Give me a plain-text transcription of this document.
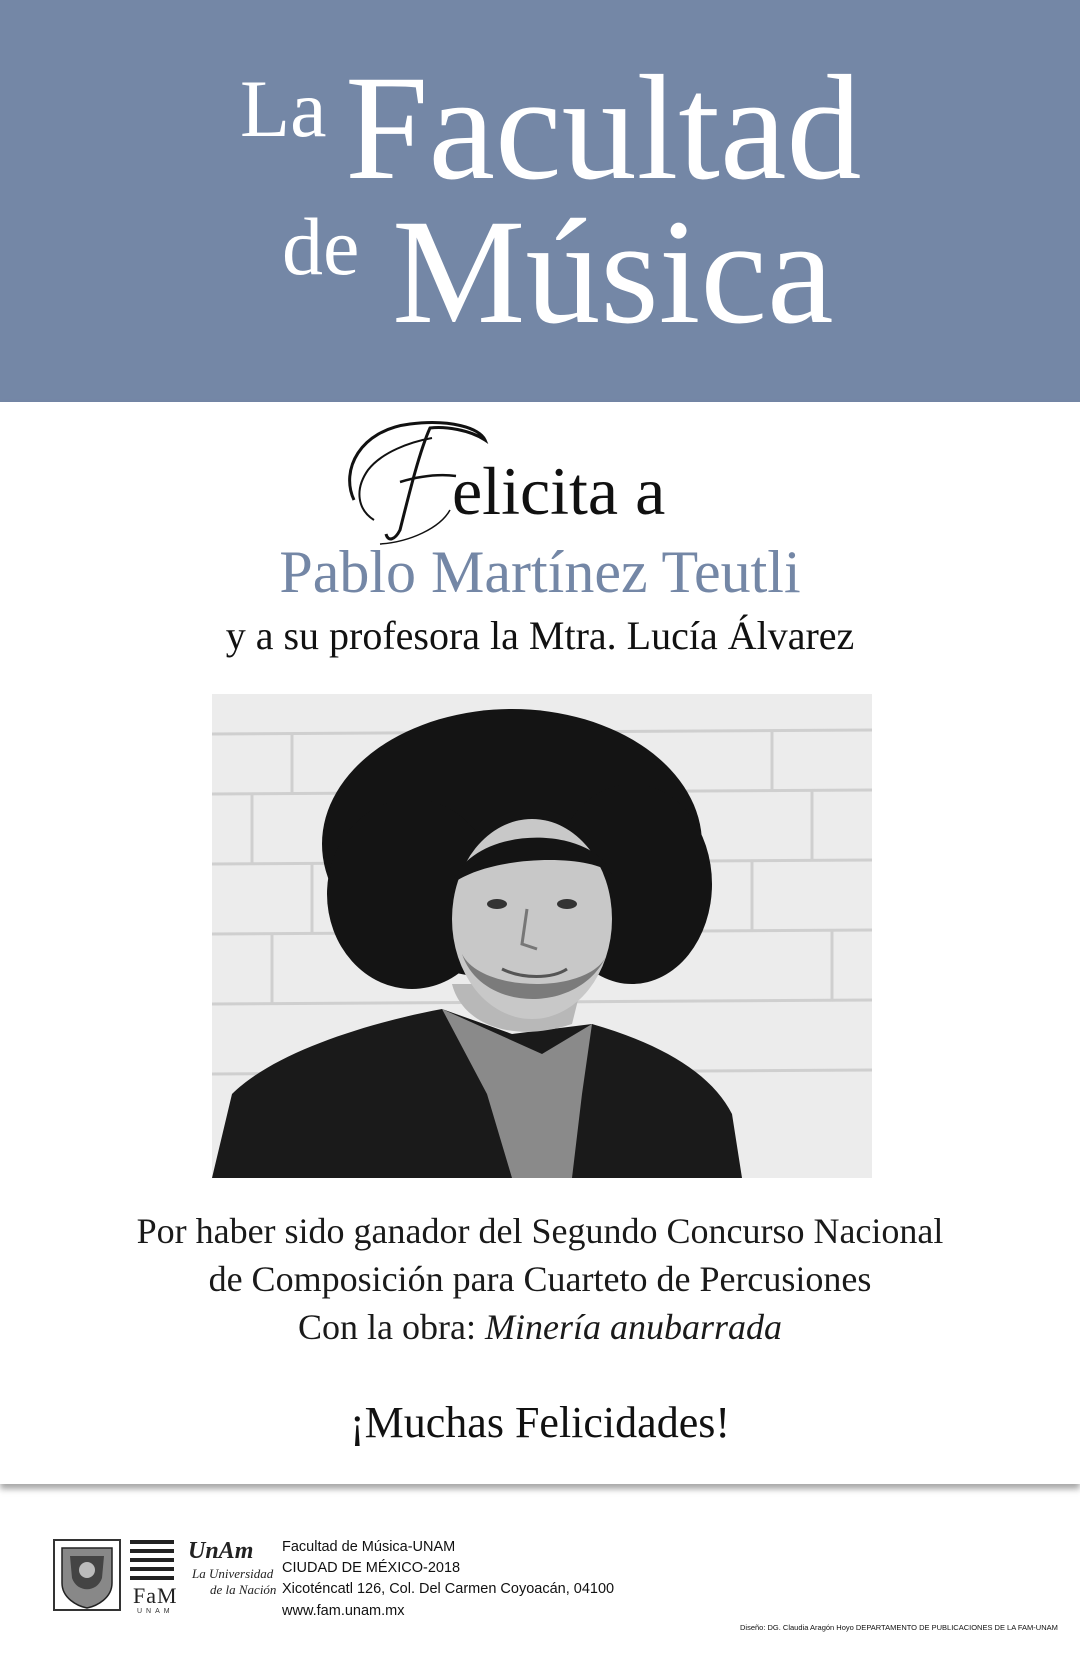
La Facultad
de Música
elicita a
Pablo Martínez Teutli
y a su profesora la Mtra. Lucía Álvarez
Por haber sido ganador del Segundo Concurso Nacional
de Composición para Cuarteto de Percusiones
Con la obra: Minería anubarrada
¡Muchas Felicidades!
FaM
UNAM
UnAm
La Universidad
de la Nación
Facultad de Música-UNAM
CIUDAD DE MÉXICO-2018
Xicoténcatl 126, Col. Del Carmen Coyoacán, 04100
www.fam.unam.mx
Diseño: DG. Claudia Aragón Hoyo DEPARTAMENTO DE PUBLICACIONES DE LA FAM-UNAM
